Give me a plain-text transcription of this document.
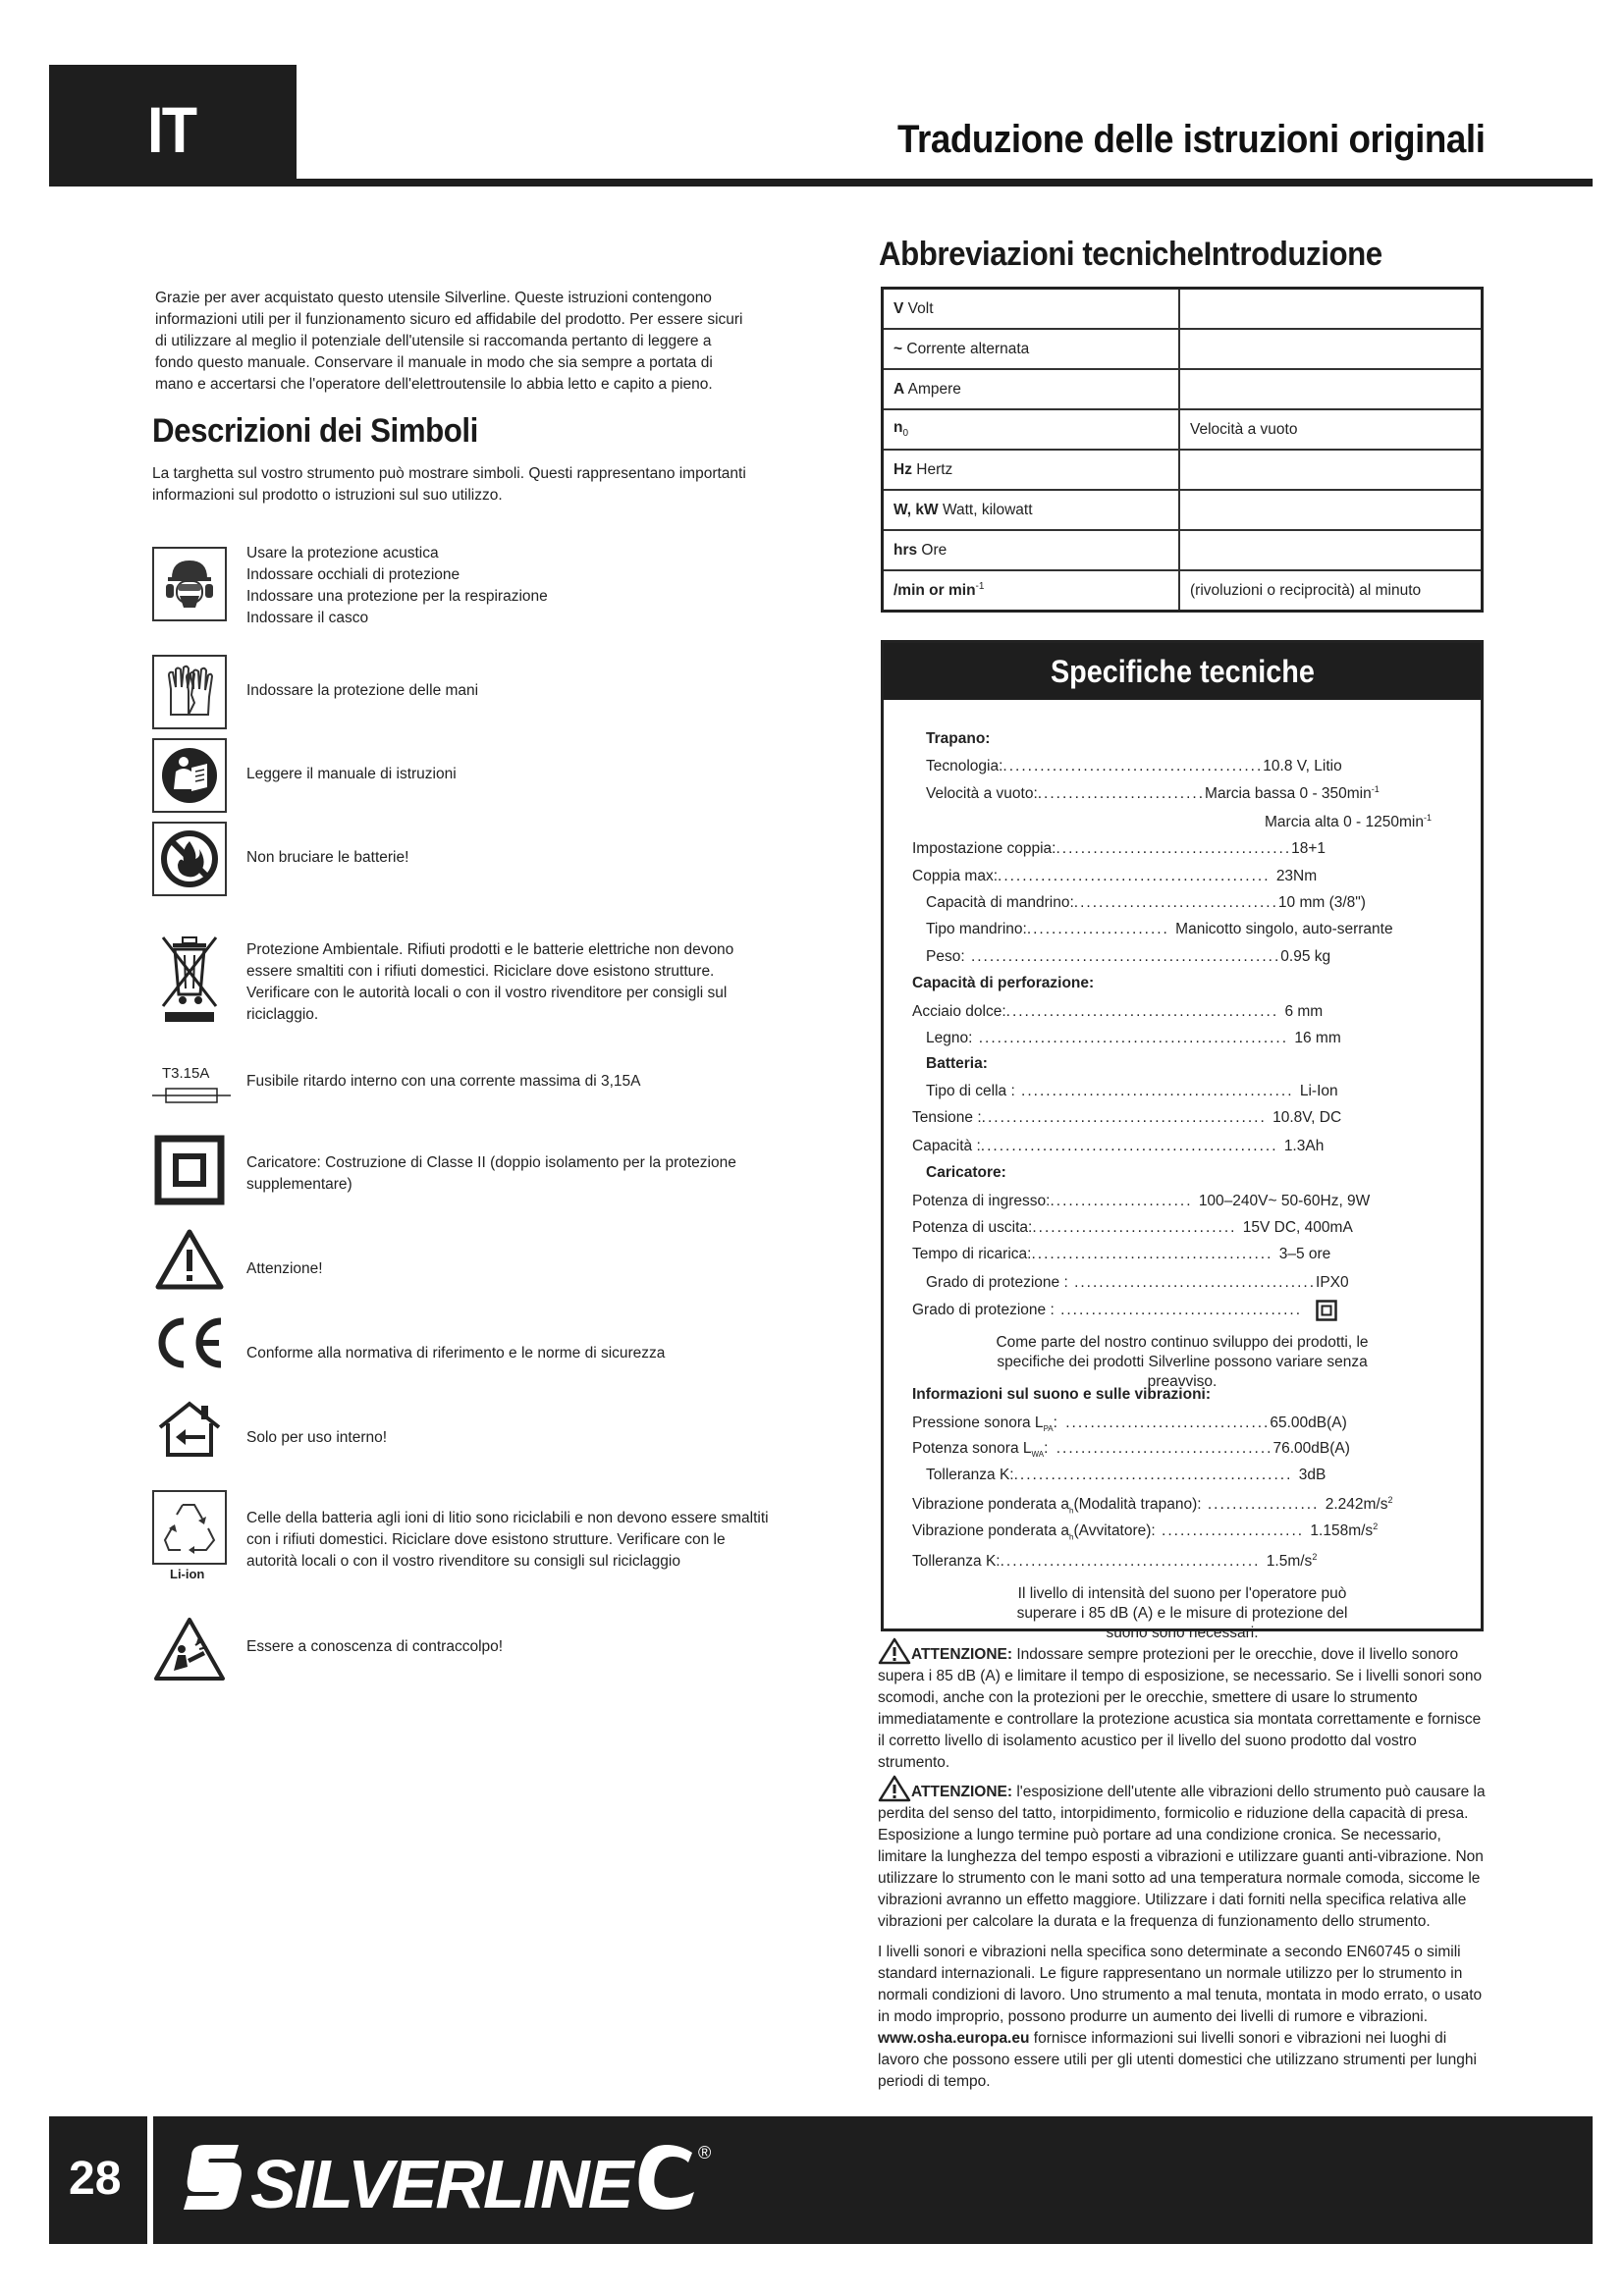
IT	Traduzione delle istruzioni originali
Grazie per aver acquistato questo utensile Silverline. Queste istruzioni contengono informazioni utili per il funzionamento sicuro ed affidabile del prodotto. Per essere sicuri di utilizzare al meglio il potenziale dell'utensile si raccomanda pertanto di leggere a fondo questo manuale. Conservare il manuale in modo che sia sempre a portata di mano e accertarsi che l'operatore dell'elettroutensile lo abbia letto e capito a pieno.
Descrizioni dei Simboli
La targhetta sul vostro strumento può mostrare simboli. Questi rappresentano importanti informazioni sul prodotto o istruzioni sul suo utilizzo.
Usare la protezione acustica
Indossare occhiali di protezione
Indossare una protezione per la respirazione
Indossare il casco
Indossare la protezione delle mani
Leggere il manuale di istruzioni
Non bruciare le batterie!
Protezione Ambientale. Rifiuti prodotti e le batterie elettriche non devono essere smaltiti con i rifiuti domestici. Riciclare dove esistono strutture. Verificare con le autorità locali o con il vostro rivenditore per consigli sul riciclaggio.
T3.15A Fusibile ritardo interno con una corrente massima di 3,15A
Caricatore: Costruzione di Classe II (doppio isolamento per la protezione supplementare)
Attenzione!
Conforme alla normativa di riferimento e le norme di sicurezza
Solo per uso interno!
Li-ion
Celle della batteria agli ioni di litio sono riciclabili e non devono essere smaltiti con i rifiuti domestici. Riciclare dove esistono strutture. Verificare con le autorità locali o con il vostro rivenditore su consigli sul riciclaggio
Essere a conoscenza di contraccolpo!
Abbreviazioni tecnicheIntroduzione
V Volt	
~ Corrente alternata	
A Ampere	
$n_0$	Velocità a vuoto
Hz Hertz	
W, kW Watt, kilowatt	
hrs Ore	
/min or $\min^{-1}$	(rivoluzioni o reciprocità) al minuto
Specifiche tecniche
Trapano:
Tecnologia:..........................................10.8 V, Litio
Velocità a vuoto:...........................Marcia bassa $0 - 350\min^{-1}$
Marcia alta $0 - 1250\min^{-1}$
Impostazione coppia:......................................18+1
Coppia max:............................................ 23Nm
Capacità di mandrino:.................................10 mm (3/8")
Tipo mandrino:....................... Manicotto singolo, auto-serrante
Peso: ..................................................0.95 kg
Capacità di perforazione:
Acciaio dolce:............................................ 6 mm
Legno: .................................................. 16 mm
Batteria:
Tipo di cella : ............................................ Li-Ion
Tensione :.............................................. 10.8V, DC
Capacità :................................................ 1.3Ah
Caricatore:
Potenza di ingresso:....................... 100–240V~ 50-60Hz, 9W
Potenza di uscita:................................. 15V DC, 400mA
Tempo di ricarica:....................................... 3–5 ore
Grado di protezione : .......................................IPX0
Grado di protezione : .......................................
Come parte del nostro continuo sviluppo dei prodotti, le specifiche dei prodotti Silverline possono variare senza preavviso.
Informazioni sul suono e sulle vibrazioni:
Pressione sonora $L_{PA}$: .................................65.00dB(A)
Potenza sonora $L_{WA}$: ...................................76.00dB(A)
Tolleranza K:............................................. 3dB
Vibrazione ponderata $a_h(Modalità$ trapano): .................. $2.242m/s^2$
Vibrazione ponderata $a_h(Avvitatore)$: ....................... $1.158m/s^2$
Tolleranza K:.......................................... $1.5m/s^2$
Il livello di intensità del suono per l'operatore può superare i 85 dB (A) e le misure di protezione del suono sono necessari.
ATTENZIONE: Indossare sempre protezioni per le orecchie, dove il livello sonoro supera i 85 dB (A) e limitare il tempo di esposizione, se necessario. Se i livelli sonori sono scomodi, anche con la protezioni per le orecchie, smettere di usare lo strumento immediatamente e controllare la protezione acustica sia montata correttamente e fornisce il corretto livello di isolamento acustico per il livello del suono prodotto dal vostro strumento.
ATTENZIONE: l'esposizione dell'utente alle vibrazioni dello strumento può causare la perdita del senso del tatto, intorpidimento, formicolio e riduzione della capacità di presa. Esposizione a lungo termine può portare ad una condizione cronica. Se necessario, limitare la lunghezza del tempo esposti a vibrazioni e utilizzare guanti anti-vibrazione. Non utilizzare lo strumento con le mani sotto ad una temperatura normale comoda, siccome le vibrazioni avranno un effetto maggiore. Utilizzare i dati forniti nella specifica relativa alle vibrazioni per calcolare la durata e la frequenza di funzionamento dello strumento.
I livelli sonori e vibrazioni nella specifica sono determinate a secondo EN60745 o simili standard internazionali. Le figure rappresentano un normale utilizzo per lo strumento in normali condizioni di lavoro. Uno strumento a mal tenuta, montata in modo errato, o usato in modo improprio, possono produrre un aumento dei livelli di rumore e vibrazioni.
www.osha.europa.eu fornisce informazioni sui livelli sonori e vibrazioni nei luoghi di lavoro che possono essere utili per gli utenti domestici che utilizzano strumenti per lunghi periodi di tempo.
28 SILVERLINE	®
